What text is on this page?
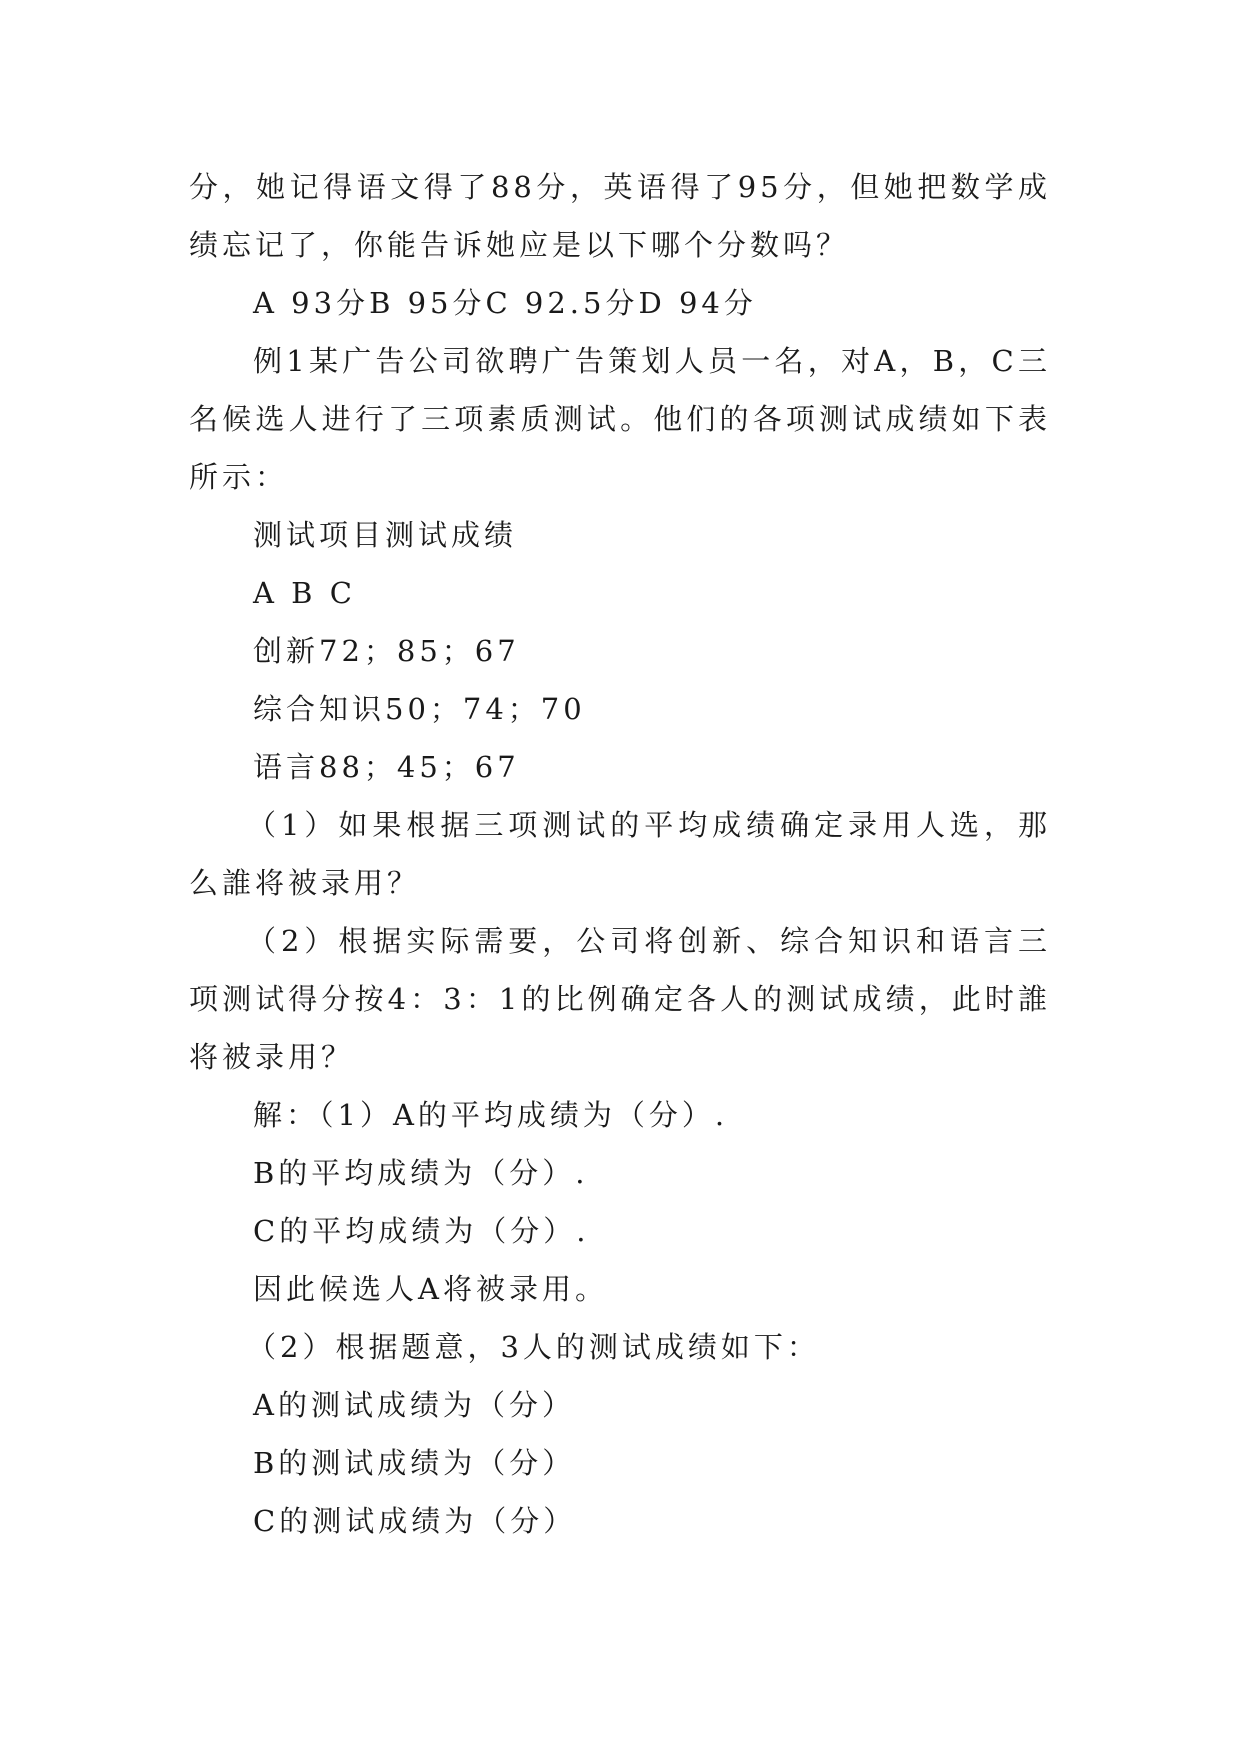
分，她记得语文得了88分，英语得了95分，但她把数学成绩忘记了，你能告诉她应是以下哪个分数吗？

A 93分B 95分C 92.5分D 94分

例1某广告公司欲聘广告策划人员一名，对A，B，C三名候选人进行了三项素质测试。他们的各项测试成绩如下表所示：

测试项目测试成绩

A B C

创新72；85；67

综合知识50；74；70

语言88；45；67

（1）如果根据三项测试的平均成绩确定录用人选，那么誰将被录用？

（2）根据实际需要，公司将创新、综合知识和语言三项测试得分按4：3：1的比例确定各人的测试成绩，此时誰将被录用？

解：（1）A的平均成绩为（分）.

B的平均成绩为（分）.

C的平均成绩为（分）.

因此候选人A将被录用。

（2）根据题意，3人的测试成绩如下：

A的测试成绩为（分）

B的测试成绩为（分）

C的测试成绩为（分）
